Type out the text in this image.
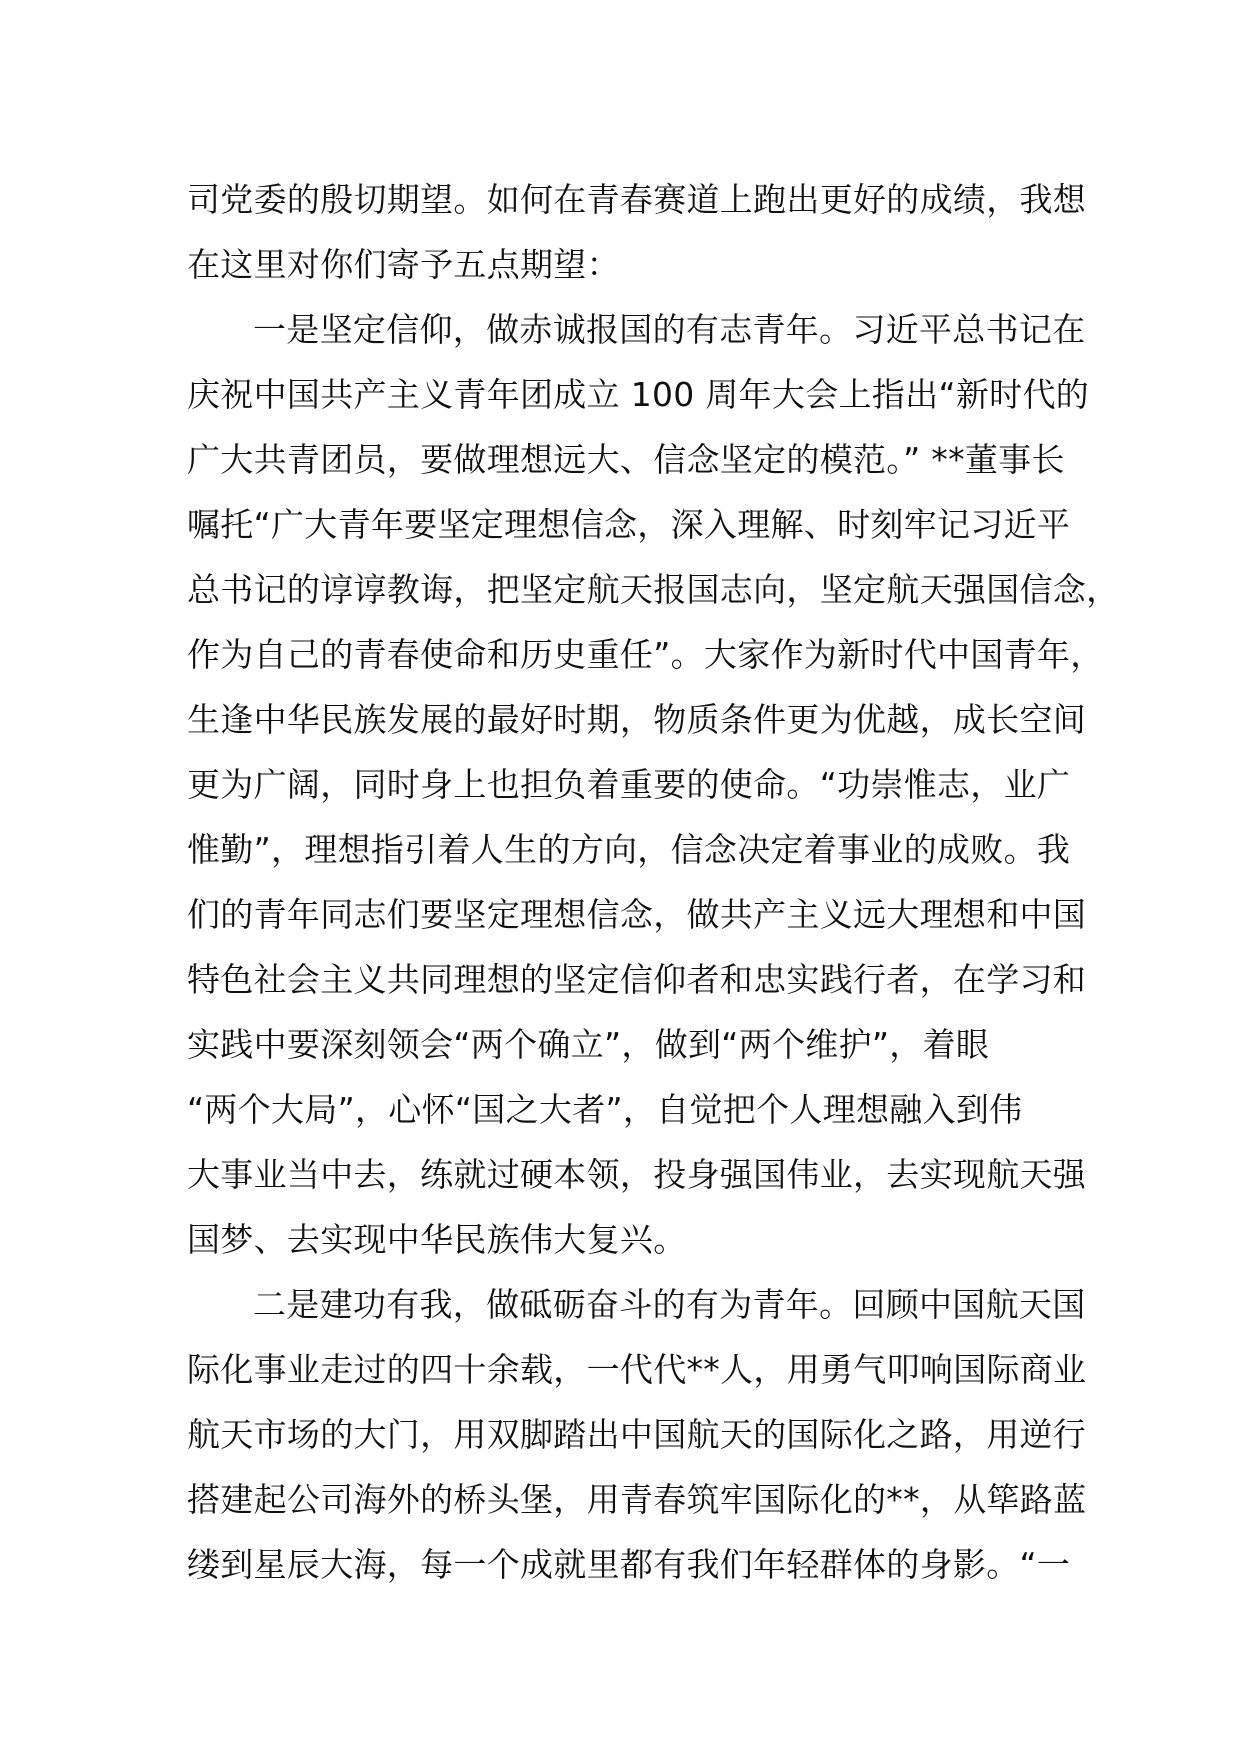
司党委的殷切期望。如何在青春赛道上跑出更好的成绩，我想
在这里对你们寄予五点期望：
一是坚定信仰，做赤诚报国的有志青年。习近平总书记在
庆祝中国共产主义青年团成立 100 周年大会上指出“新时代的
广大共青团员，要做理想远大、信念坚定的模范。” **董事长
嘱托“广大青年要坚定理想信念，深入理解、时刻牢记习近平
总书记的谆谆教诲，把坚定航天报国志向，坚定航天强国信念，
作为自己的青春使命和历史重任”。大家作为新时代中国青年，
生逢中华民族发展的最好时期，物质条件更为优越，成长空间
更为广阔，同时身上也担负着重要的使命。“功崇惟志，业广
惟勤”，理想指引着人生的方向，信念决定着事业的成败。我
们的青年同志们要坚定理想信念，做共产主义远大理想和中国
特色社会主义共同理想的坚定信仰者和忠实践行者，在学习和
实践中要深刻领会“两个确立”，做到“两个维护”，着眼
“两个大局”，心怀“国之大者”，自觉把个人理想融入到伟
大事业当中去，练就过硬本领，投身强国伟业，去实现航天强
国梦、去实现中华民族伟大复兴。
二是建功有我，做砥砺奋斗的有为青年。回顾中国航天国
际化事业走过的四十余载，一代代**人，用勇气叩响国际商业
航天市场的大门，用双脚踏出中国航天的国际化之路，用逆行
搭建起公司海外的桥头堡，用青春筑牢国际化的**，从筚路蓝
缕到星辰大海，每一个成就里都有我们年轻群体的身影。“一
